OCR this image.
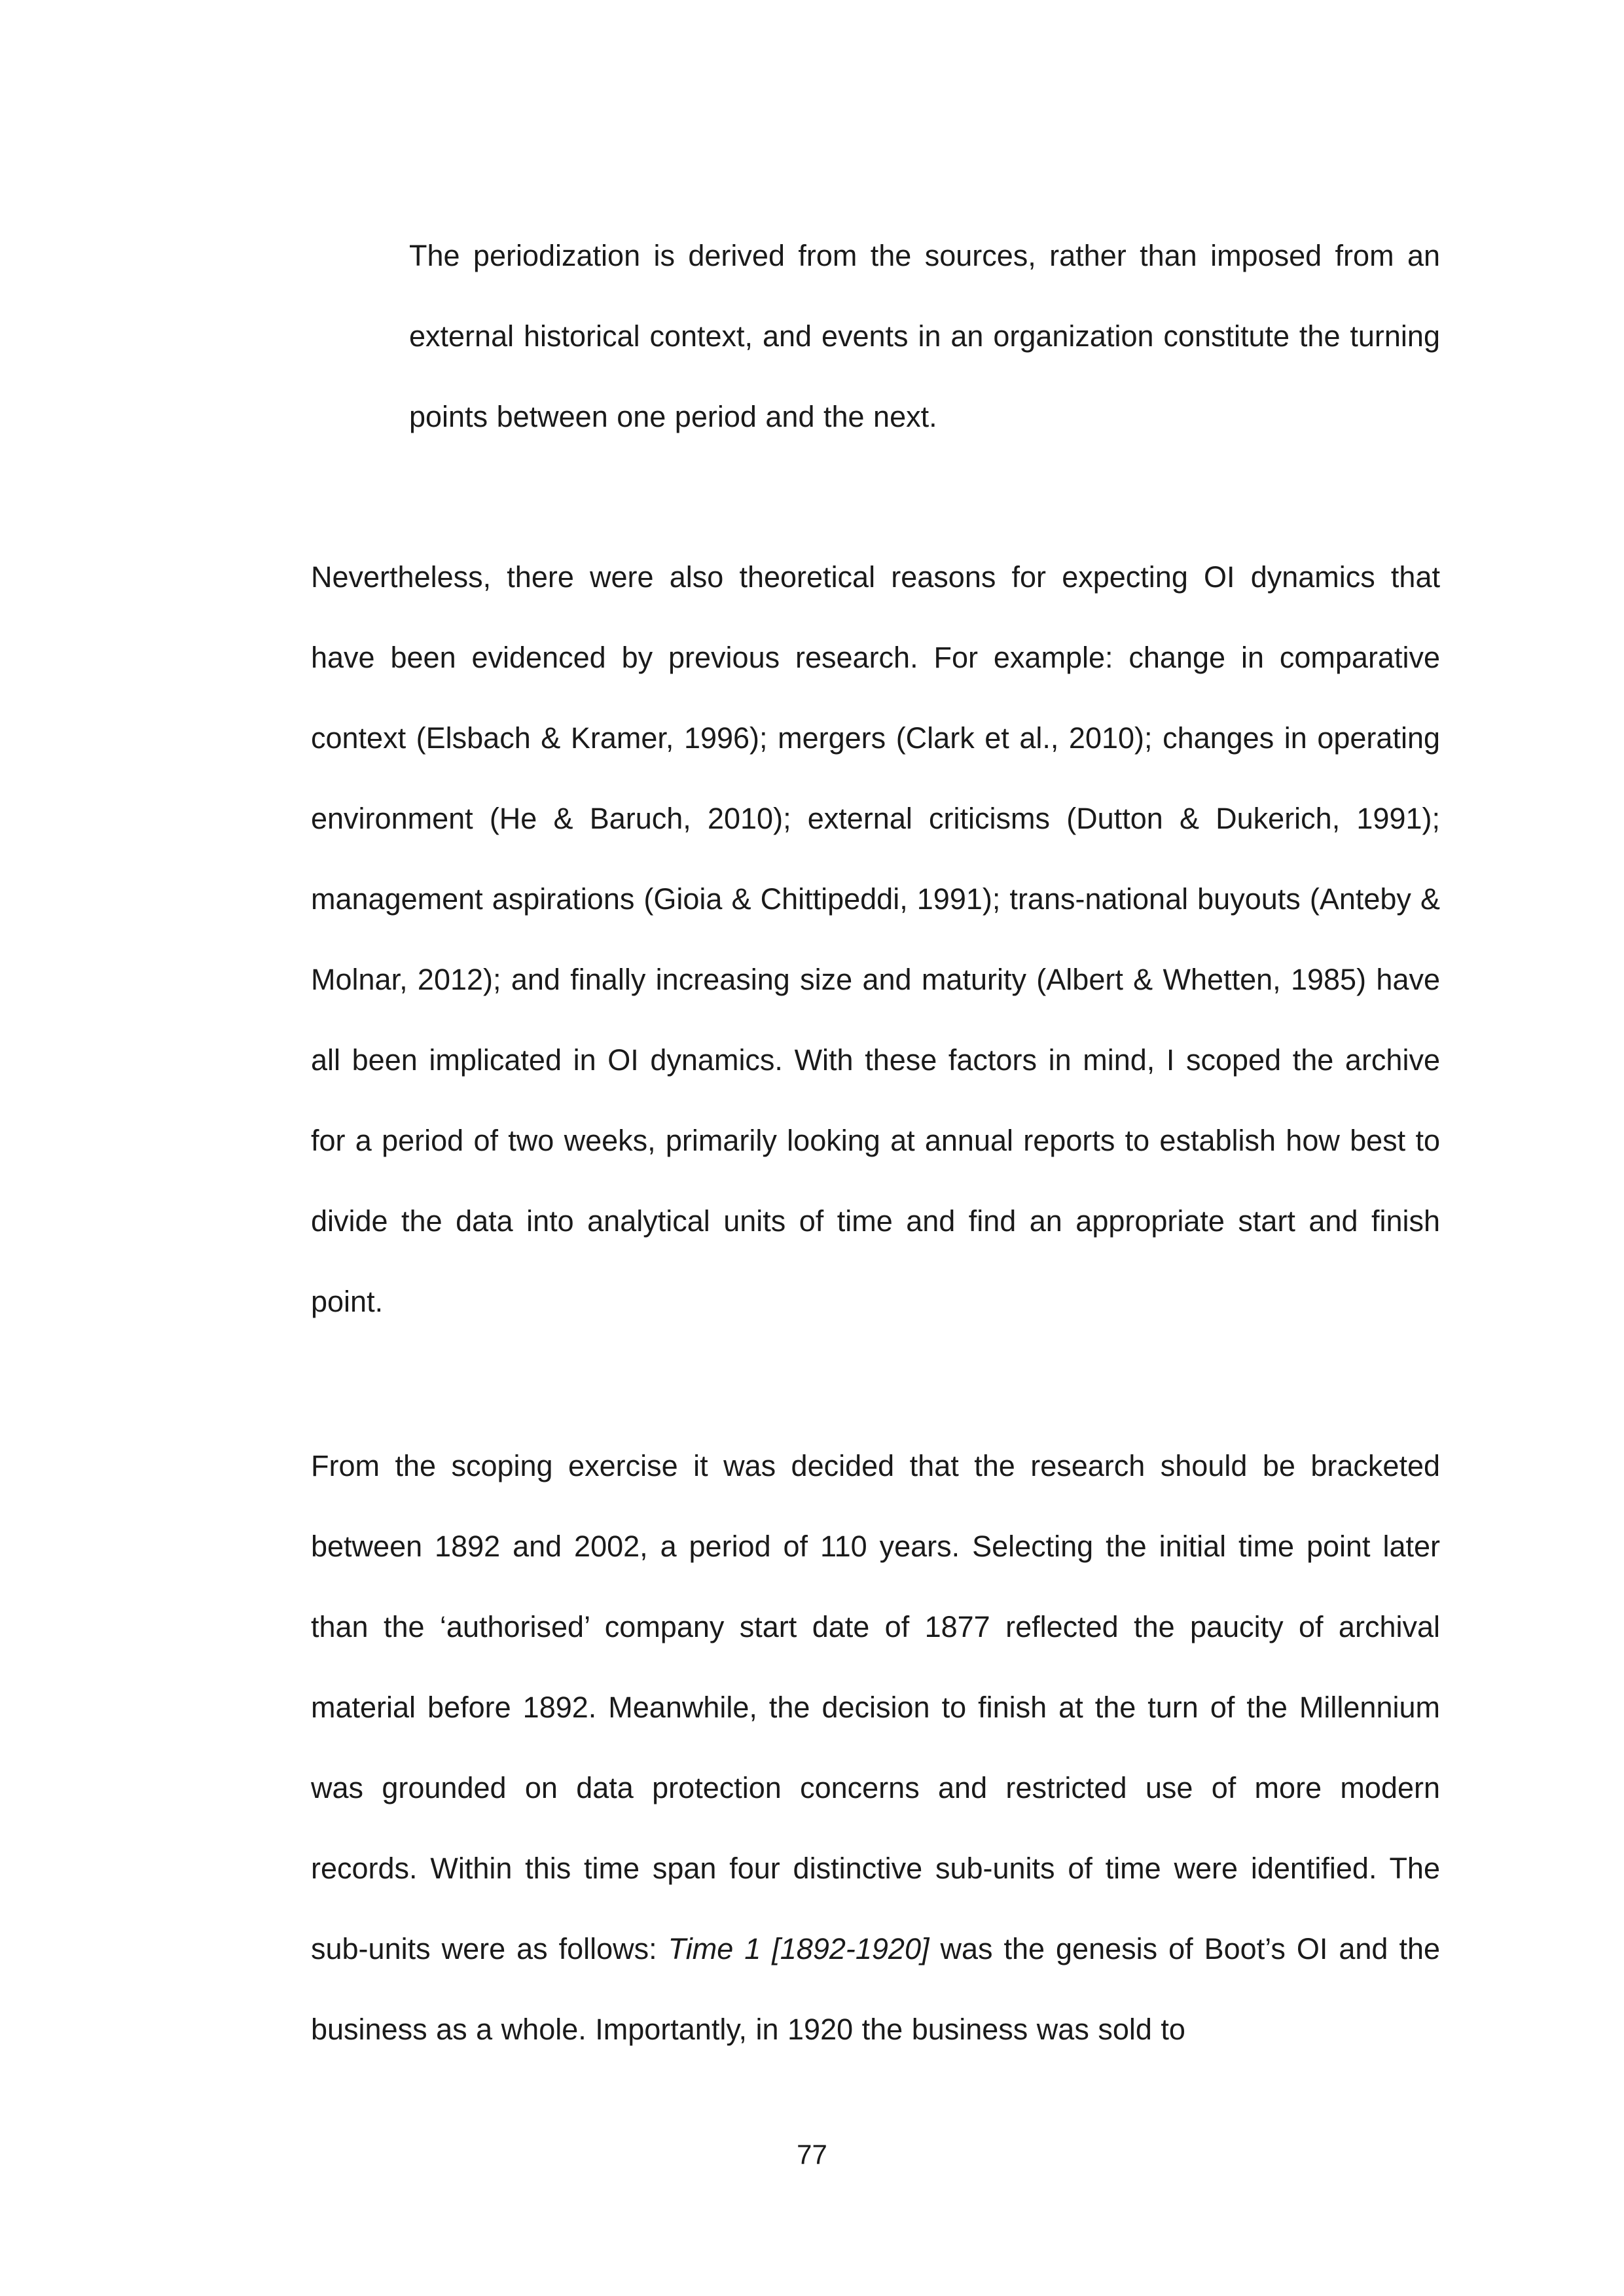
The periodization is derived from the sources, rather than imposed from an external historical context, and events in an organization constitute the turning points between one period and the next.

Nevertheless, there were also theoretical reasons for expecting OI dynamics that have been evidenced by previous research. For example: change in comparative context (Elsbach & Kramer, 1996); mergers (Clark et al., 2010); changes in operating environment (He & Baruch, 2010); external criticisms (Dutton & Dukerich, 1991); management aspirations (Gioia & Chittipeddi, 1991); trans-national buyouts (Anteby & Molnar, 2012); and finally increasing size and maturity (Albert & Whetten, 1985) have all been implicated in OI dynamics. With these factors in mind, I scoped the archive for a period of two weeks, primarily looking at annual reports to establish how best to divide the data into analytical units of time and find an appropriate start and finish point.

From the scoping exercise it was decided that the research should be bracketed between 1892 and 2002, a period of 110 years. Selecting the initial time point later than the ‘authorised’ company start date of 1877 reflected the paucity of archival material before 1892. Meanwhile, the decision to finish at the turn of the Millennium was grounded on data protection concerns and restricted use of more modern records. Within this time span four distinctive sub-units of time were identified. The sub-units were as follows: Time 1 [1892-1920] was the genesis of Boot’s OI and the business as a whole. Importantly, in 1920 the business was sold to

77
